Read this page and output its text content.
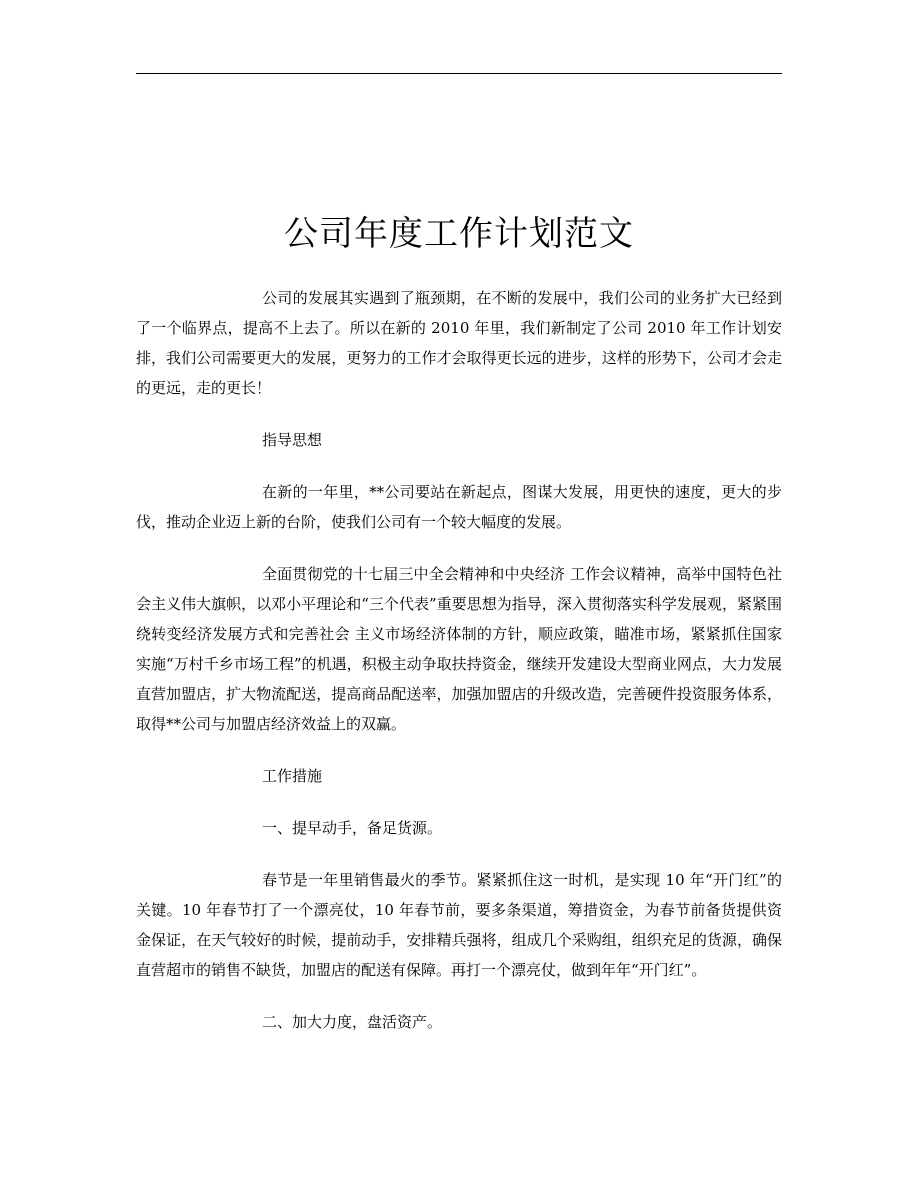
公司年度工作计划范文

公司的发展其实遇到了瓶颈期，在不断的发展中，我们公司的业务扩大已经到了一个临界点，提高不上去了。所以在新的 2010 年里，我们新制定了公司 2010 年工作计划安排，我们公司需要更大的发展，更努力的工作才会取得更长远的进步，这样的形势下，公司才会走的更远，走的更长！

指导思想

在新的一年里，**公司要站在新起点，图谋大发展，用更快的速度，更大的步伐，推动企业迈上新的台阶，使我们公司有一个较大幅度的发展。

全面贯彻党的十七届三中全会精神和中央经济 工作会议精神，高举中国特色社会主义伟大旗帜，以邓小平理论和“三个代表”重要思想为指导，深入贯彻落实科学发展观，紧紧围绕转变经济发展方式和完善社会 主义市场经济体制的方针，顺应政策，瞄准市场，紧紧抓住国家实施“万村千乡市场工程”的机遇，积极主动争取扶持资金，继续开发建设大型商业网点，大力发展 直营加盟店，扩大物流配送，提高商品配送率，加强加盟店的升级改造，完善硬件投资服务体系，取得**公司与加盟店经济效益上的双赢。

工作措施

一、提早动手，备足货源。

春节是一年里销售最火的季节。紧紧抓住这一时机，是实现 10 年“开门红”的关键。10 年春节打了一个漂亮仗，10 年春节前，要多条渠道，筹措资金，为春节前备货提供资金保证，在天气较好的时候，提前动手，安排精兵强将，组成几个采购组，组织充足的货源，确保直营超市的销售不缺货，加盟店的配送有保障。再打一个漂亮仗，做到年年“开门红”。

二、加大力度，盘活资产。
